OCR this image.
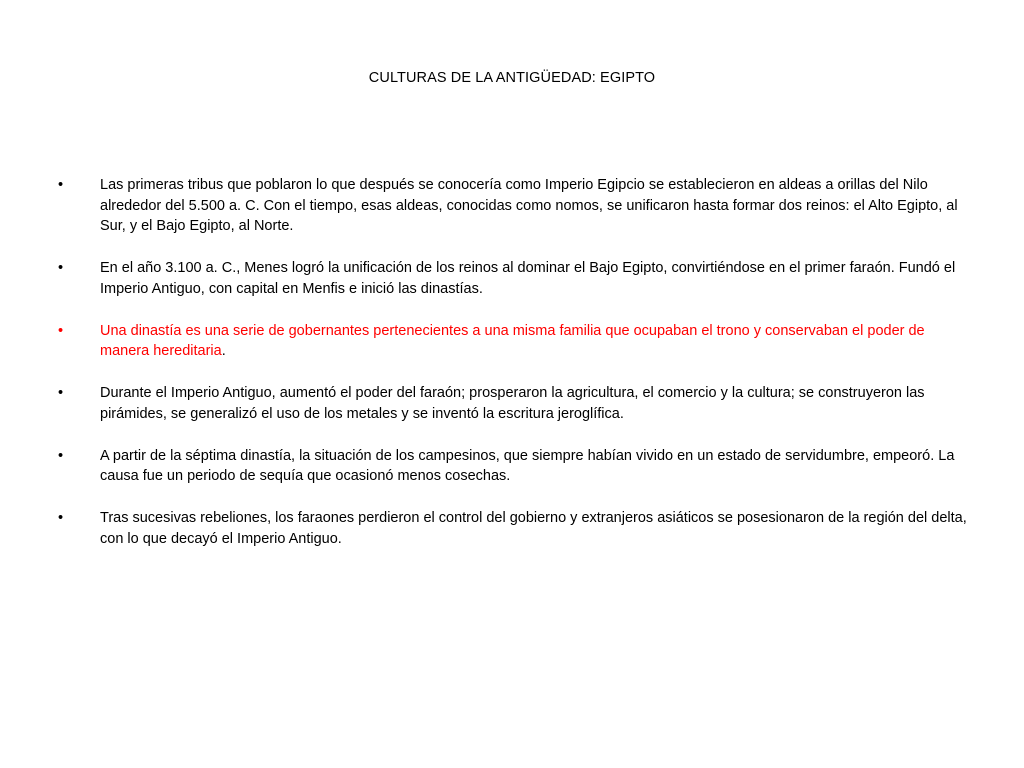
CULTURAS DE LA ANTIGÜEDAD: EGIPTO
•	Las primeras tribus que poblaron lo que después se conocería como Imperio Egipcio se establecieron en aldeas a orillas del Nilo alrededor del 5.500 a. C. Con el tiempo, esas aldeas, conocidas como nomos, se unificaron hasta formar dos reinos: el Alto Egipto, al Sur, y el Bajo Egipto, al Norte.
•	En el año 3.100 a. C., Menes logró la unificación de los reinos al dominar el Bajo Egipto, convirtiéndose en el primer faraón. Fundó el Imperio Antiguo, con capital en Menfis e inició las dinastías.
•	Una dinastía es una serie de gobernantes pertenecientes a una misma familia que ocupaban el trono y conservaban el poder de manera hereditaria.
•	Durante el Imperio Antiguo, aumentó el poder del faraón; prosperaron la agricultura, el comercio y la cultura; se construyeron las pirámides, se generalizó el uso de los metales y se inventó la escritura jeroglífica.
•	A partir de la séptima dinastía, la situación de los campesinos, que siempre habían vivido en un estado de servidumbre, empeoró. La causa fue un periodo de sequía que ocasionó menos cosechas.
•	Tras sucesivas rebeliones, los faraones perdieron el control del gobierno y extranjeros asiáticos se posesionaron de la región del delta, con lo que decayó el Imperio Antiguo.
